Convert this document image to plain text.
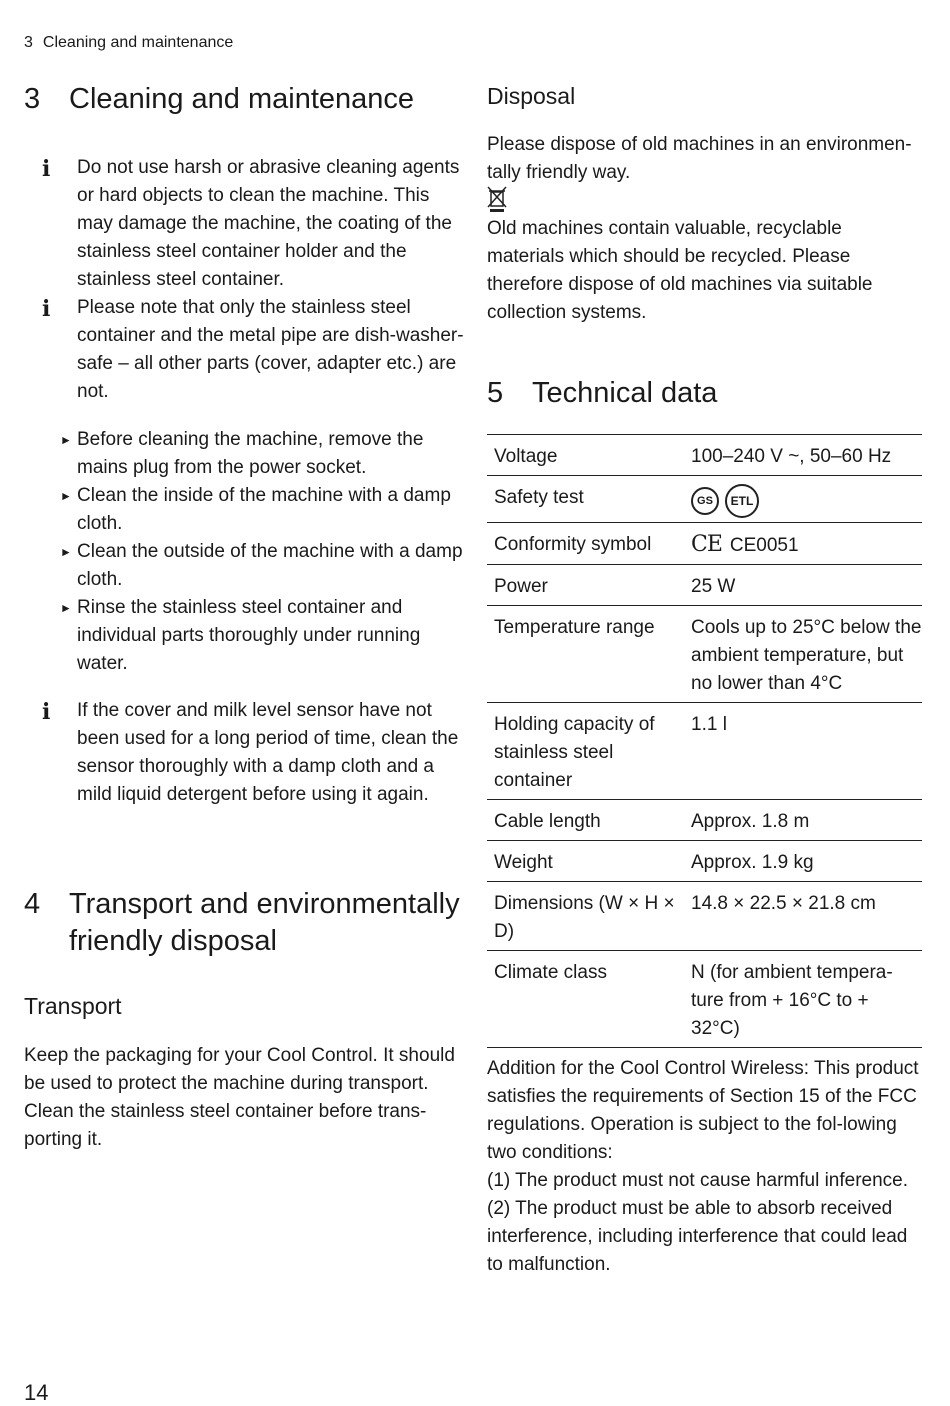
3 Cleaning and maintenance
3 Cleaning and maintenance
i Do not use harsh or abrasive cleaning agents or hard objects to clean the machine. This may damage the machine, the coating of the stainless steel container holder and the stainless steel container.
i Please note that only the stainless steel container and the metal pipe are dish-washer-safe – all other parts (cover, adapter etc.) are not.
► Before cleaning the machine, remove the mains plug from the power socket.
► Clean the inside of the machine with a damp cloth.
► Clean the outside of the machine with a damp cloth.
► Rinse the stainless steel container and individual parts thoroughly under running water.
i If the cover and milk level sensor have not been used for a long period of time, clean the sensor thoroughly with a damp cloth and a mild liquid detergent before using it again.
4 Transport and environmentally
friendly disposal
Transport
Keep the packaging for your Cool Control. It should be used to protect the machine during transport. Clean the stainless steel container before trans-porting it.
Disposal
Please dispose of old machines in an environmen-tally friendly way.
Old machines contain valuable, recyclable materials which should be recycled. Please therefore dispose of old machines via suitable collection systems.
5 Technical data
Voltage	100–240 V ~, 50–60 Hz
Safety test	GS ETL
Conformity symbol	CE CE0051
Power	25 W
Temperature range	Cools up to 25°C below the ambient temperature, but no lower than 4°C
Holding capacity of stainless steel container	1.1 l
Cable length	Approx. 1.8 m
Weight	Approx. 1.9 kg
Dimensions (W × H × D)	14.8 × 22.5 × 21.8 cm
Climate class	N (for ambient tempera-ture from + 16°C to + 32°C)
Addition for the Cool Control Wireless: This product satisfies the requirements of Section 15 of the FCC regulations. Operation is subject to the fol-lowing two conditions:
(1) The product must not cause harmful inference.
(2) The product must be able to absorb received interference, including interference that could lead to malfunction.
14
